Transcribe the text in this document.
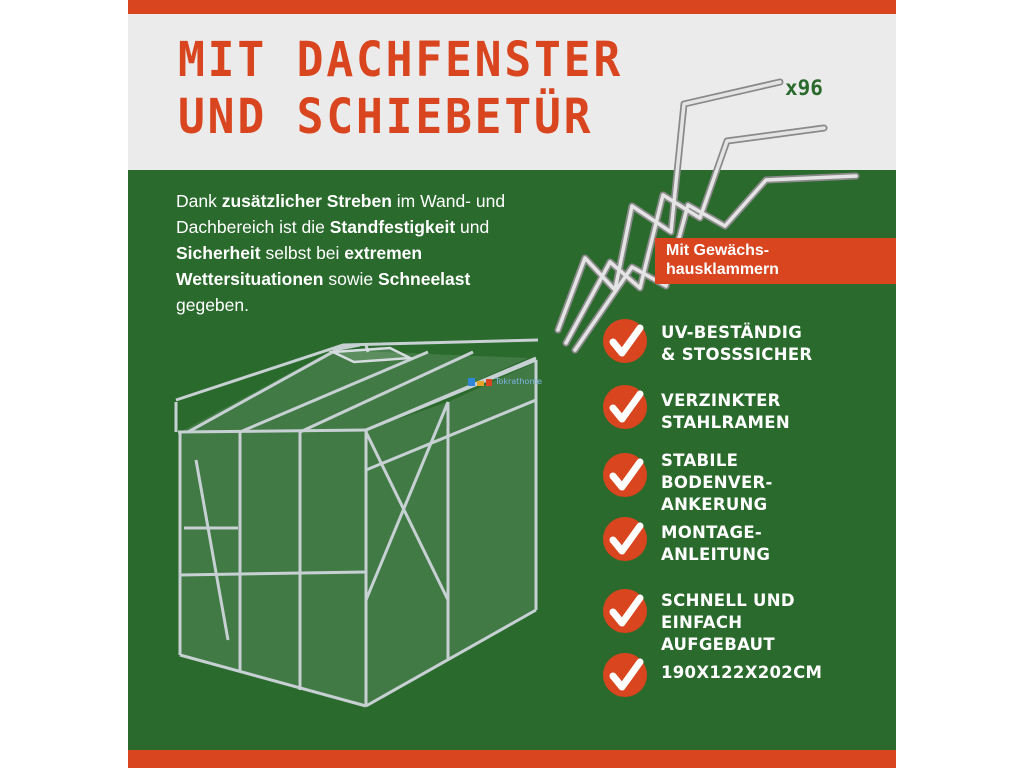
MIT DACHFENSTER
UND SCHIEBETÜR
Tokrathome
x96

Dank zusätzlicher Streben im Wand- und Dachbereich ist die Standfestigkeit und Sicherheit selbst bei extremen Wettersituationen sowie Schneelast gegeben.

Mit Gewächs-
hausklammern
UV-BESTÄNDIG
& STOSSSICHER
VERZINKTER
STAHLRAMEN
STABILE
BODENVER-
ANKERUNG
MONTAGE-
ANLEITUNG
SCHNELL UND
EINFACH
AUFGEBAUT
190X122X202CM
